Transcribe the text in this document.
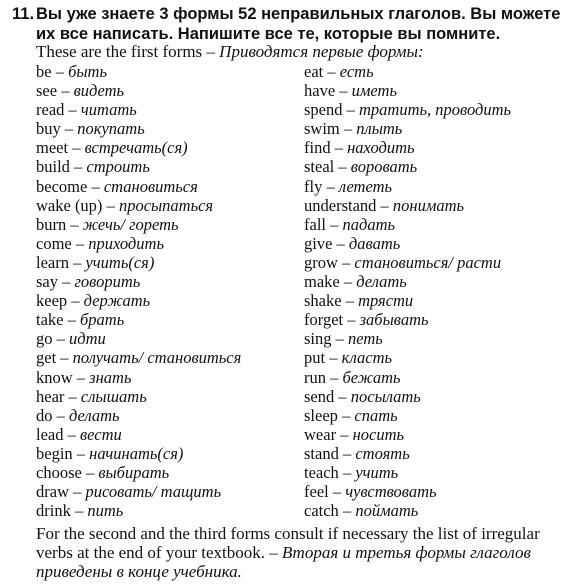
11. Вы уже знаете 3 формы 52 неправильных глаголов. Вы можете
их все написать. Напишите все те, которые вы помните.
These are the first forms – Приводятся первые формы:
be – быть
see – видеть
read – читать
buy – покупать
meet – встречать(ся)
build – строить
become – становиться
wake (up) – просыпаться
burn – жечь/ гореть
come – приходить
learn – учить(ся)
say – говорить
keep – держать
take – брать
go – идти
get – получать/ становиться
know – знать
hear – слышать
do – делать
lead – вести
begin – начинать(ся)
choose – выбирать
draw – рисовать/ тащить
drink – пить
eat – есть
have – иметь
spend – тратить, проводить
swim – плыть
find – находить
steal – воровать
fly – лететь
understand – понимать
fall – падать
give – давать
grow – становиться/ расти
make – делать
shake – трясти
forget – забывать
sing – петь
put – класть
run – бежать
send – посылать
sleep – спать
wear – носить
stand – стоять
teach – учить
feel – чувствовать
catch – поймать
For the second and the third forms consult if necessary the list of irregular
verbs at the end of your textbook. – Вторая и третья формы глаголов
приведены в конце учебника.
